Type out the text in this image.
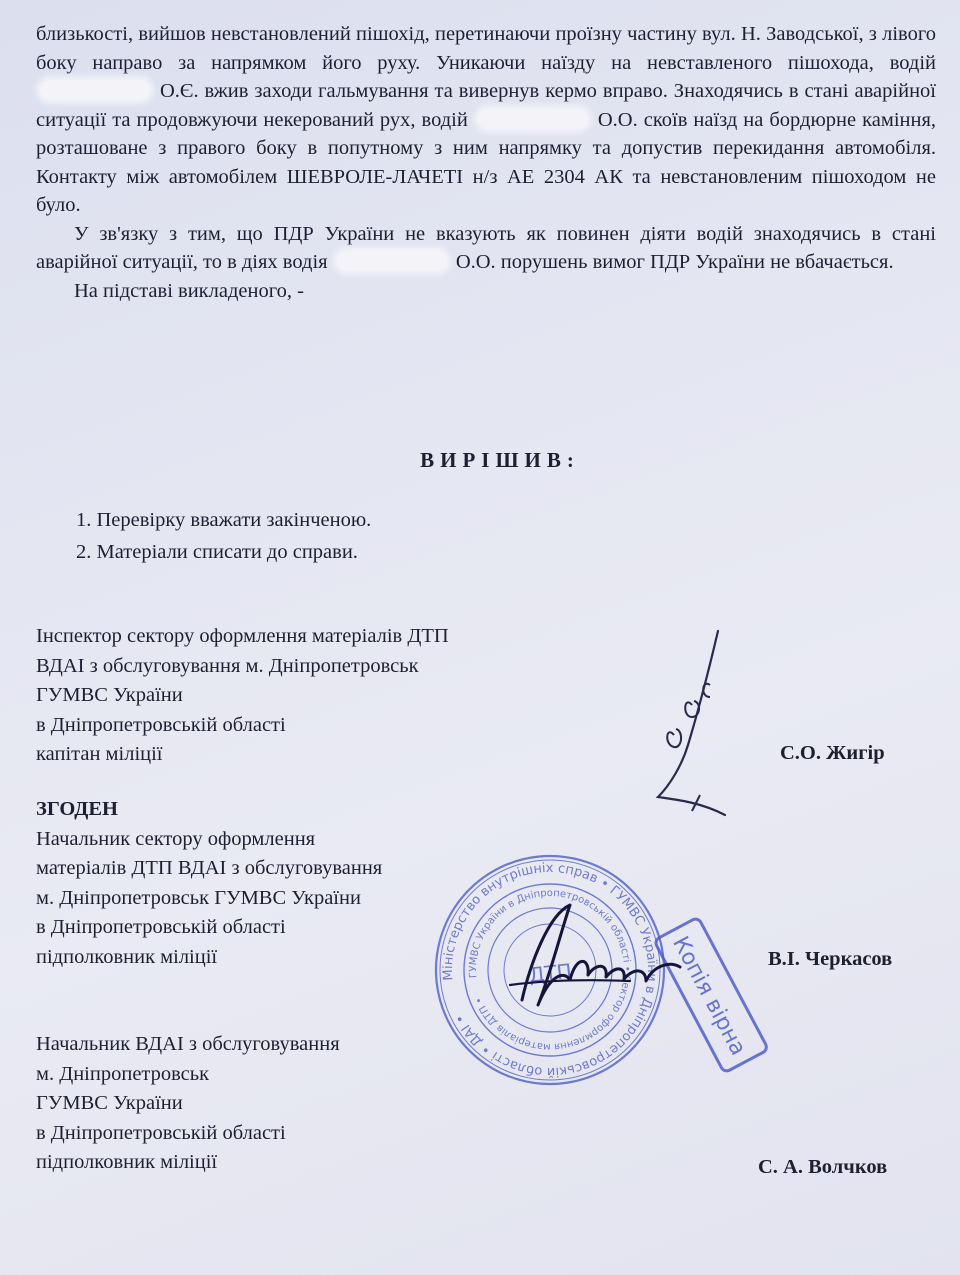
близькості, вийшов невстановлений пішохід, перетинаючи проїзну частину вул. Н. Заводської, з лівого боку направо за напрямком його руху. Уникаючи наїзду на невставленого пішохода, водій  О.Є. вжив заходи гальмування та вивернув кермо вправо. Знаходячись в стані аварійної ситуації та продовжуючи некерований рух, водій	О.О. скоїв наїзд на бордюрне каміння, розташоване з правого боку в попутному з ним напрямку та допустив перекидання автомобіля. Контакту між автомобілем ШЕВРОЛЕ-ЛАЧЕТІ н/з АЕ 2304 АК та невстановленим пішоходом не було.

У зв'язку з тим, що ПДР України не вказують як повинен діяти водій знаходячись в стані аварійної ситуації, то в діях водія	О.О. порушень вимог ПДР України не вбачається.

На підставі викладеного, -

ВИРІШИВ:
1. Перевірку вважати закінченою.
2. Матеріали списати до справи.
Інспектор сектору оформлення матеріалів ДТП
ВДАІ з обслуговування м. Дніпропетровськ
ГУМВС України
в Дніпропетровській області
капітан міліції	С.О. Жигір
ЗГОДЕН
Начальник сектору оформлення
матеріалів ДТП ВДАІ з обслуговування
м. Дніпропетровськ ГУМВС України
в Дніпропетровській області
підполковник міліції	В.І. Черкасов
Начальник ВДАІ з обслуговування
м. Дніпропетровськ
ГУМВС України
в Дніпропетровській області
підполковник міліції	С. А. Волчков
Міністерство внутрішніх справ • ГУМВС України в Дніпропетровській області • ДАІ •
ГУМВС України в Дніпропетровській області • Сектор оформлення матеріалів ДТП •
ДТП	Копія вірна
